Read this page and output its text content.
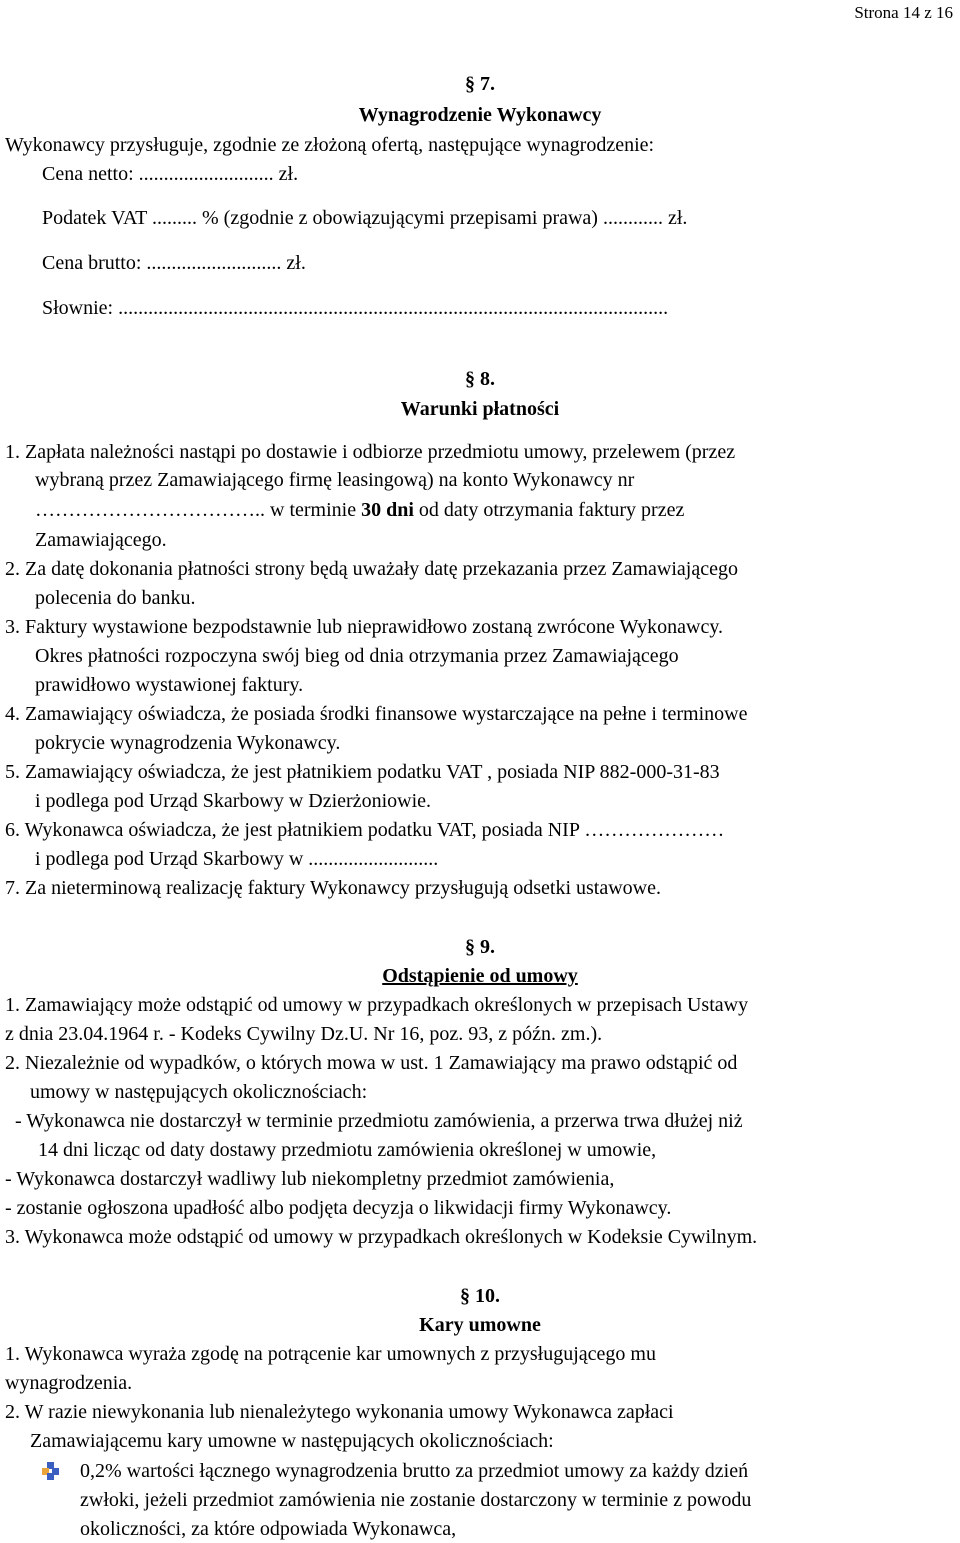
Strona 14 z 16
§ 7.
Wynagrodzenie Wykonawcy
Wykonawcy przysługuje, zgodnie ze złożoną ofertą, następujące wynagrodzenie:
Cena netto: ........................... zł.
Podatek VAT ......... % (zgodnie z obowiązującymi przepisami prawa) ............ zł.
Cena brutto: ........................... zł.
Słownie: ..............................................................................................................
§ 8.
Warunki płatności
1. Zapłata należności nastąpi po dostawie i odbiorze przedmiotu umowy, przelewem (przez
wybraną przez Zamawiającego firmę leasingową) na konto Wykonawcy nr
…………………………….. w terminie 30 dni od daty otrzymania faktury przez
Zamawiającego.
2. Za datę dokonania płatności strony będą uważały datę przekazania przez Zamawiającego
polecenia do banku.
3. Faktury wystawione bezpodstawnie lub nieprawidłowo zostaną zwrócone Wykonawcy.
Okres płatności rozpoczyna swój bieg od dnia otrzymania przez Zamawiającego
prawidłowo wystawionej faktury.
4. Zamawiający oświadcza, że posiada środki finansowe wystarczające na pełne i terminowe
pokrycie wynagrodzenia Wykonawcy.
5. Zamawiający oświadcza, że jest płatnikiem podatku VAT , posiada NIP 882-000-31-83
i podlega pod Urząd Skarbowy w Dzierżoniowie.
6. Wykonawca oświadcza, że jest płatnikiem podatku VAT, posiada NIP …………………
i podlega pod Urząd Skarbowy w ..........................
7. Za nieterminową realizację faktury Wykonawcy przysługują odsetki ustawowe.
§ 9.
Odstąpienie od umowy
1. Zamawiający może odstąpić od umowy w przypadkach określonych w przepisach Ustawy
z dnia 23.04.1964 r. - Kodeks Cywilny Dz.U. Nr 16, poz. 93, z późn. zm.).
2. Niezależnie od wypadków, o których mowa w ust. 1 Zamawiający ma prawo odstąpić od
umowy w następujących okolicznościach:
- Wykonawca nie dostarczył w terminie przedmiotu zamówienia, a przerwa trwa dłużej niż
14 dni licząc od daty dostawy przedmiotu zamówienia określonej w umowie,
- Wykonawca dostarczył wadliwy lub niekompletny przedmiot zamówienia,
- zostanie ogłoszona upadłość albo podjęta decyzja o likwidacji firmy Wykonawcy.
3. Wykonawca może odstąpić od umowy w przypadkach określonych w Kodeksie Cywilnym.
§ 10.
Kary umowne
1. Wykonawca wyraża zgodę na potrącenie kar umownych z przysługującego mu
wynagrodzenia.
2. W razie niewykonania lub nienależytego wykonania umowy Wykonawca zapłaci
Zamawiającemu kary umowne w następujących okolicznościach:
0,2% wartości łącznego wynagrodzenia brutto za przedmiot umowy za każdy dzień
zwłoki, jeżeli przedmiot zamówienia nie zostanie dostarczony w terminie z powodu
okoliczności, za które odpowiada Wykonawca,
